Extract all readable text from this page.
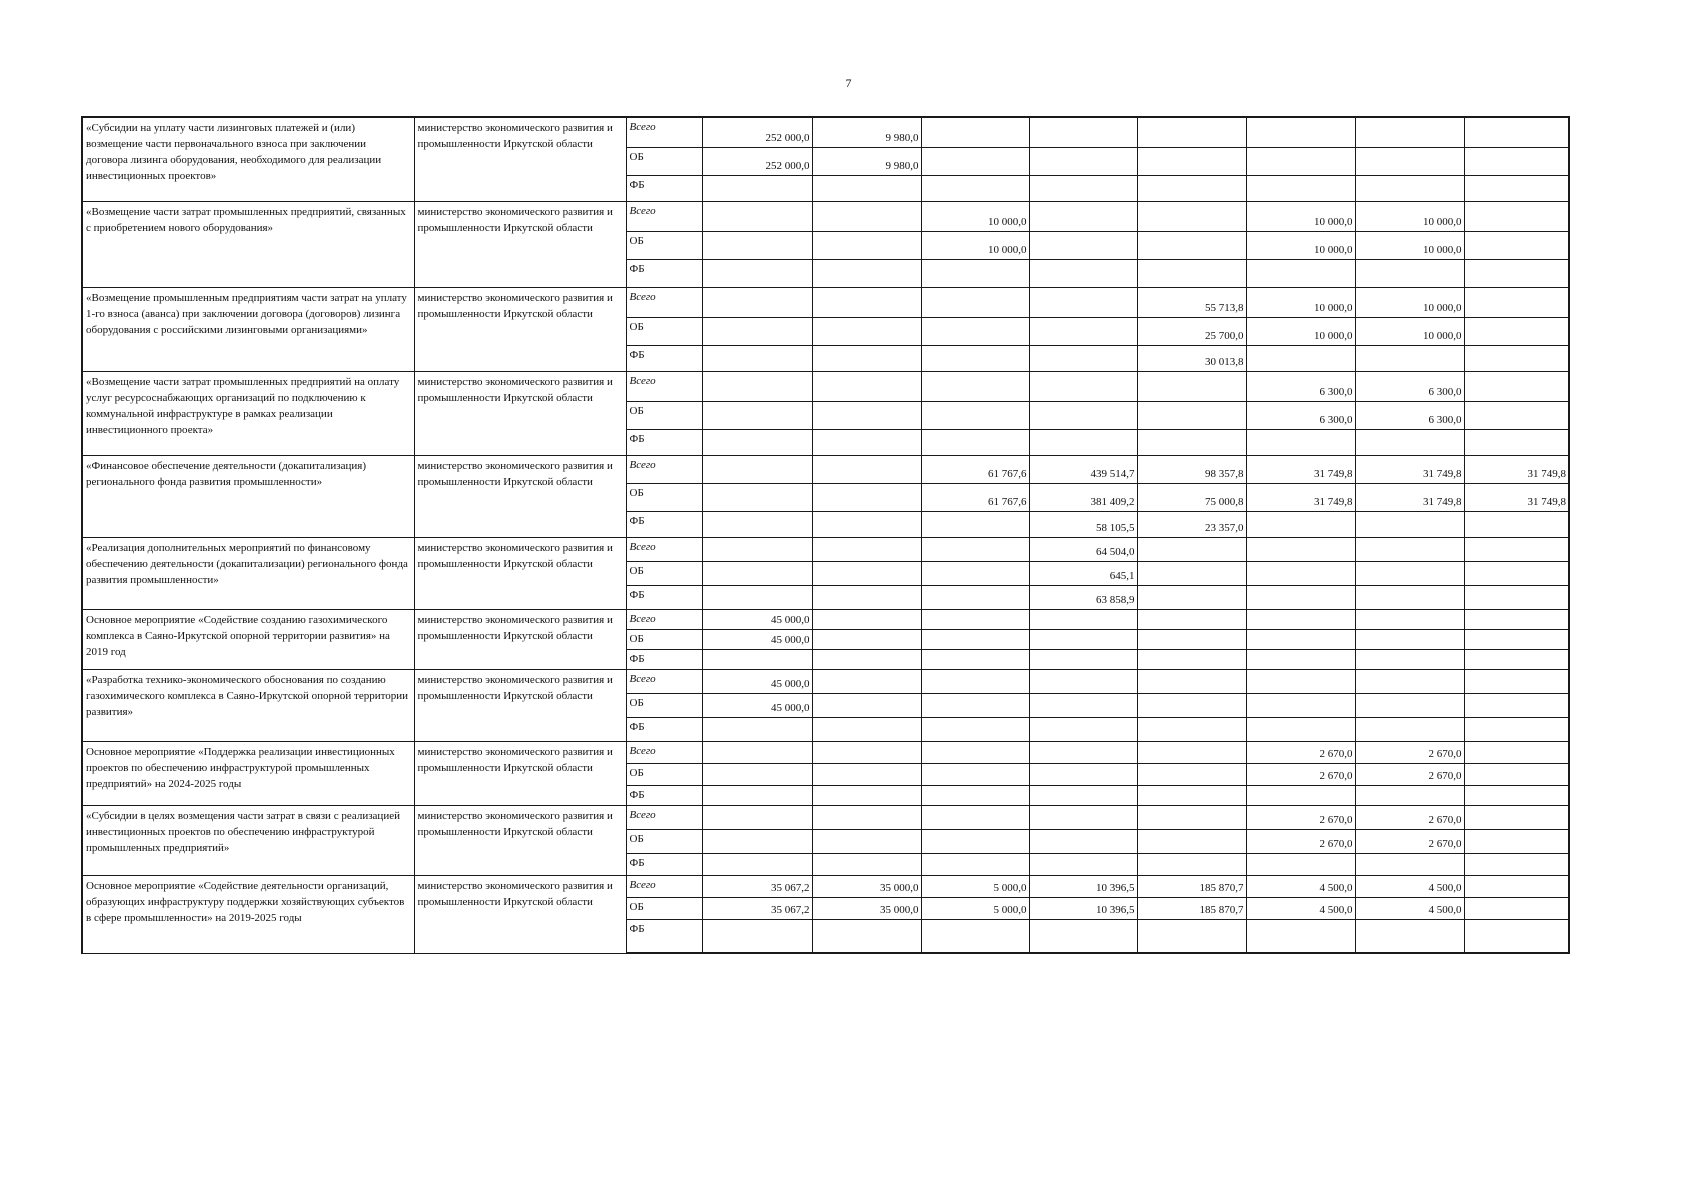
7
«Субсидии на уплату части лизинговых платежей и (или) возмещение части первоначального взноса при заключении договора лизинга оборудования, необходимого для реализации инвестиционных проектов»	министерство экономического развития и промышленности Иркутской области	Всего	252 000,0	9 980,0						
		ОБ	252 000,0	9 980,0						
		ФБ								
«Возмещение части затрат промышленных предприятий, связанных с приобретением нового оборудования»	министерство экономического развития и промышленности Иркутской области	Всего			10 000,0			10 000,0	10 000,0	
		ОБ			10 000,0			10 000,0	10 000,0	
		ФБ								
«Возмещение промышленным предприятиям части затрат на уплату 1-го взноса (аванса) при заключении договора (договоров) лизинга оборудования с российскими лизинговыми организациями»	министерство экономического развития и промышленности Иркутской области	Всего					55 713,8	10 000,0	10 000,0	
		ОБ					25 700,0	10 000,0	10 000,0	
		ФБ					30 013,8			
«Возмещение части затрат промышленных предприятий на оплату услуг ресурсоснабжающих организаций по подключению к коммунальной инфраструктуре в рамках реализации инвестиционного проекта»	министерство экономического развития и промышленности Иркутской области	Всего						6 300,0	6 300,0	
		ОБ						6 300,0	6 300,0	
		ФБ								
«Финансовое обеспечение деятельности (докапитализация) регионального фонда развития промышленности»	министерство экономического развития и промышленности Иркутской области	Всего			61 767,6	439 514,7	98 357,8	31 749,8	31 749,8	31 749,8
		ОБ			61 767,6	381 409,2	75 000,8	31 749,8	31 749,8	31 749,8
		ФБ				58 105,5	23 357,0			
«Реализация дополнительных мероприятий по финансовому обеспечению деятельности (докапитализации) регионального фонда развития промышленности»	министерство экономического развития и промышленности Иркутской области	Всего				64 504,0				
		ОБ				645,1				
		ФБ				63 858,9				
Основное мероприятие «Содействие созданию газохимического комплекса в Саяно-Иркутской опорной территории развития» на 2019 год	министерство экономического развития и промышленности Иркутской области	Всего	45 000,0							
		ОБ	45 000,0							
		ФБ								
«Разработка технико-экономического обоснования по созданию газохимического комплекса в Саяно-Иркутской опорной территории развития»	министерство экономического развития и промышленности Иркутской области	Всего	45 000,0							
		ОБ	45 000,0							
		ФБ								
Основное мероприятие «Поддержка реализации инвестиционных проектов по обеспечению инфраструктурой промышленных предприятий» на 2024-2025 годы	министерство экономического развития и промышленности Иркутской области	Всего						2 670,0	2 670,0	
		ОБ						2 670,0	2 670,0	
		ФБ								
«Субсидии в целях возмещения части затрат в связи с реализацией инвестиционных проектов по обеспечению инфраструктурой промышленных предприятий»	министерство экономического развития и промышленности Иркутской области	Всего						2 670,0	2 670,0	
		ОБ						2 670,0	2 670,0	
		ФБ								
Основное мероприятие «Содействие деятельности организаций, образующих инфраструктуру поддержки хозяйствующих субъектов в сфере промышленности» на 2019-2025 годы	министерство экономического развития и промышленности Иркутской области	Всего	35 067,2	35 000,0	5 000,0	10 396,5	185 870,7	4 500,0	4 500,0	
		ОБ	35 067,2	35 000,0	5 000,0	10 396,5	185 870,7	4 500,0	4 500,0	
		ФБ								
